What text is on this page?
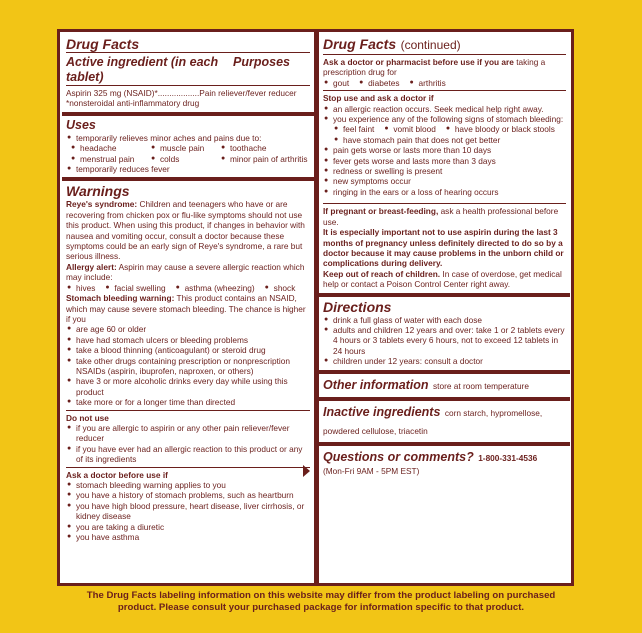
Drug Facts

Active ingredient (in each tablet)
Purposes
Aspirin 325 mg (NSAID)*..................Pain reliever/fever reducer
*nonsteroidal anti-inflammatory drug

Uses

● temporarily relieves minor aches and pains due to:
● headache	● muscle pain	● toothache
● menstrual pain	● colds	● minor pain of arthritis
● temporarily reduces fever

Warnings

Reye's syndrome: Children and teenagers who have or are recovering from chicken pox or flu-like symptoms should not use this product. When using this product, if changes in behavior with nausea and vomiting occur, consult a doctor because these symptoms could be an early sign of Reye's syndrome, a rare but serious illness.
Allergy alert: Aspirin may cause a severe allergic reaction which may include:
● hives	● facial swelling	● asthma (wheezing)	● shock
Stomach bleeding warning: This product contains an NSAID, which may cause severe stomach bleeding. The chance is higher if you
● are age 60 or older
● have had stomach ulcers or bleeding problems
● take a blood thinning (anticoagulant) or steroid drug
● take other drugs containing prescription or nonprescription NSAIDs (aspirin, ibuprofen, naproxen, or others)
● have 3 or more alcoholic drinks every day while using this product
● take more or for a longer time than directed
Do not use
● if you are allergic to aspirin or any other pain reliever/fever reducer
● if you have ever had an allergic reaction to this product or any of its ingredients
Ask a doctor before use if
● stomach bleeding warning applies to you
● you have a history of stomach problems, such as heartburn
● you have high blood pressure, heart disease, liver cirrhosis, or kidney disease
● you are taking a diuretic
● you have asthma
Drug Facts (continued)
Ask a doctor or pharmacist before use if you are taking a prescription drug for
● gout	● diabetes	● arthritis
Stop use and ask a doctor if
● an allergic reaction occurs. Seek medical help right away.
● you experience any of the following signs of stomach bleeding:
● feel faint	● vomit blood	● have bloody or black stools
● have stomach pain that does not get better
● pain gets worse or lasts more than 10 days
● fever gets worse and lasts more than 3 days
● redness or swelling is present
● new symptoms occur
● ringing in the ears or a loss of hearing occurs
If pregnant or breast-feeding, ask a health professional before use.
It is especially important not to use aspirin during the last 3 months of pregnancy unless definitely directed to do so by a doctor because it may cause problems in the unborn child or complications during delivery.
Keep out of reach of children. In case of overdose, get medical help or contact a Poison Control Center right away.

Directions

● drink a full glass of water with each dose
● adults and children 12 years and over: take 1 or 2 tablets every 4 hours or 3 tablets every 6 hours, not to exceed 12 tablets in 24 hours
● children under 12 years: consult a doctor
Other information store at room temperature
Inactive ingredients corn starch, hypromellose, powdered cellulose, triacetin
Questions or comments? 1-800-331-4536
(Mon-Fri 9AM - 5PM EST)
The Drug Facts labeling information on this website may differ from the product labeling on purchased
product. Please consult your purchased package for information specific to that product.
